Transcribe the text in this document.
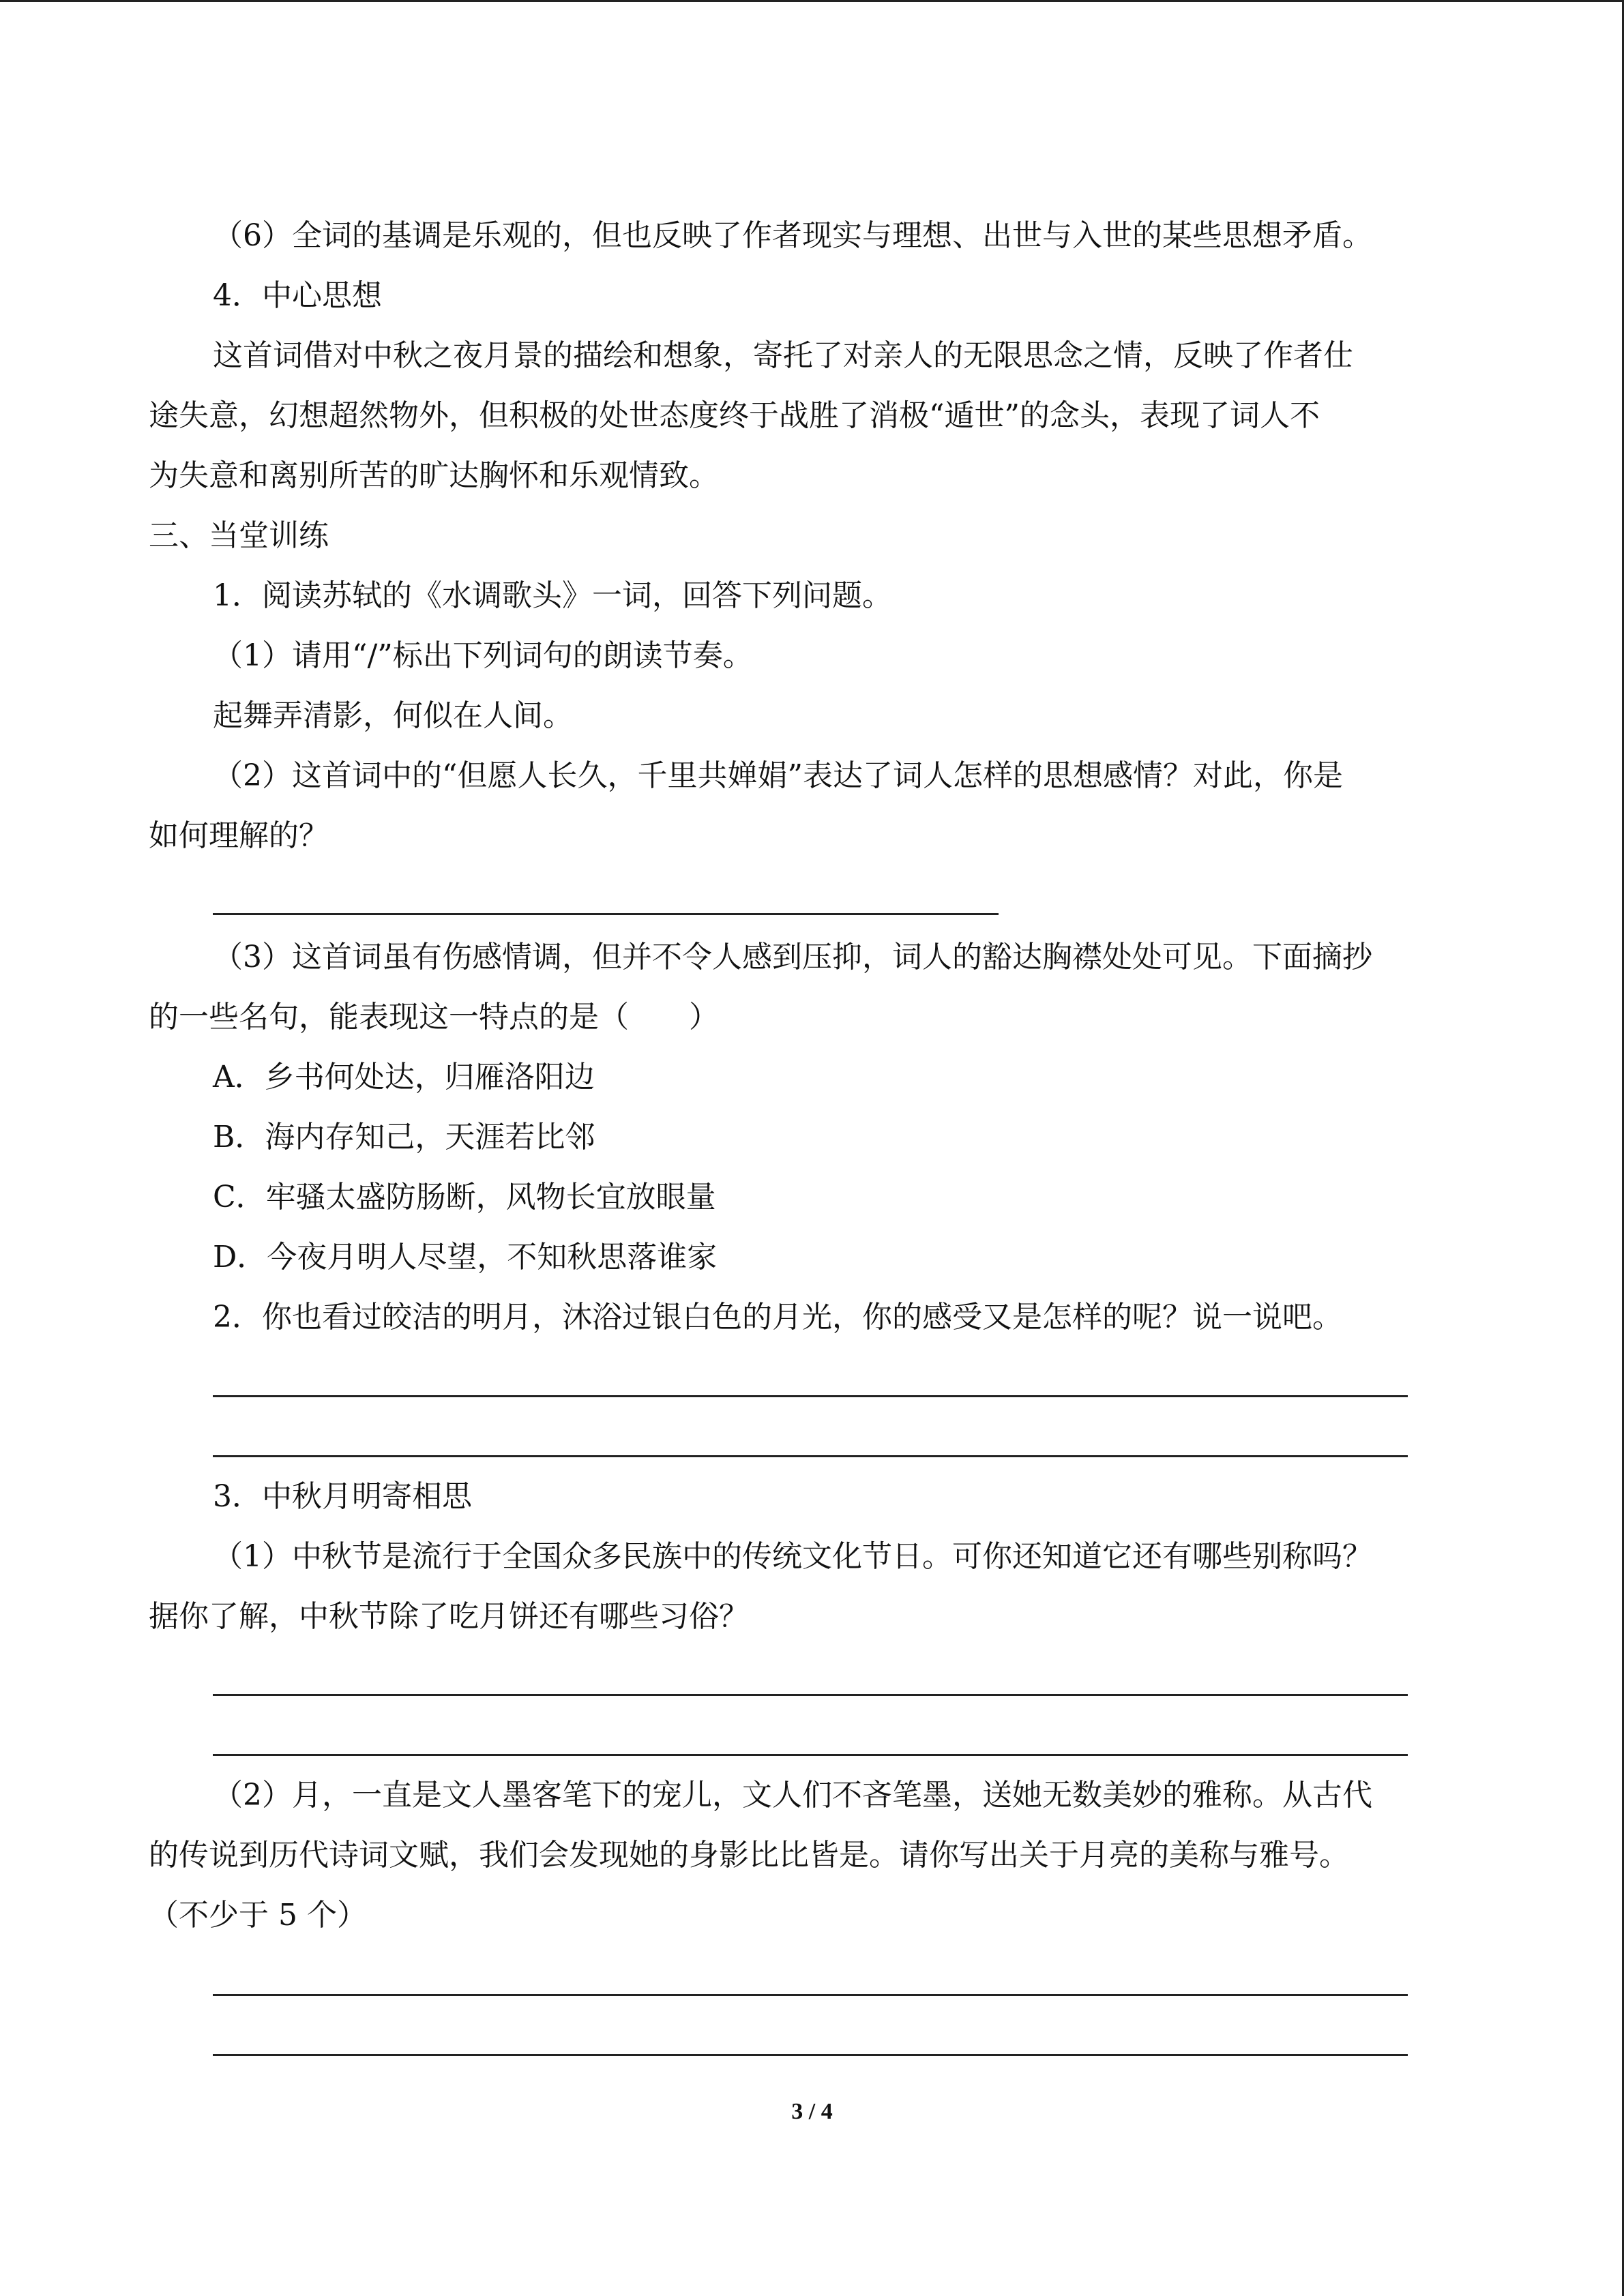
（6）全词的基调是乐观的，但也反映了作者现实与理想、出世与入世的某些思想矛盾。

4．中心思想

这首词借对中秋之夜月景的描绘和想象，寄托了对亲人的无限思念之情，反映了作者仕

途失意，幻想超然物外，但积极的处世态度终于战胜了消极“遁世”的念头，表现了词人不

为失意和离别所苦的旷达胸怀和乐观情致。

三、当堂训练

1．阅读苏轼的《水调歌头》一词，回答下列问题。

（1）请用“/”标出下列词句的朗读节奏。

起舞弄清影，何似在人间。

（2）这首词中的“但愿人长久，千里共婵娟”表达了词人怎样的思想感情？对此，你是

如何理解的？

（3）这首词虽有伤感情调，但并不令人感到压抑，词人的豁达胸襟处处可见。下面摘抄

的一些名句，能表现这一特点的是（　　）

A．乡书何处达，归雁洛阳边

B．海内存知己，天涯若比邻

C．牢骚太盛防肠断，风物长宜放眼量

D．今夜月明人尽望，不知秋思落谁家

2．你也看过皎洁的明月，沐浴过银白色的月光，你的感受又是怎样的呢？说一说吧。

3．中秋月明寄相思

（1）中秋节是流行于全国众多民族中的传统文化节日。可你还知道它还有哪些别称吗？

据你了解，中秋节除了吃月饼还有哪些习俗？

（2）月，一直是文人墨客笔下的宠儿，文人们不吝笔墨，送她无数美妙的雅称。从古代

的传说到历代诗词文赋，我们会发现她的身影比比皆是。请你写出关于月亮的美称与雅号。

（不少于 5 个）

3 / 4
